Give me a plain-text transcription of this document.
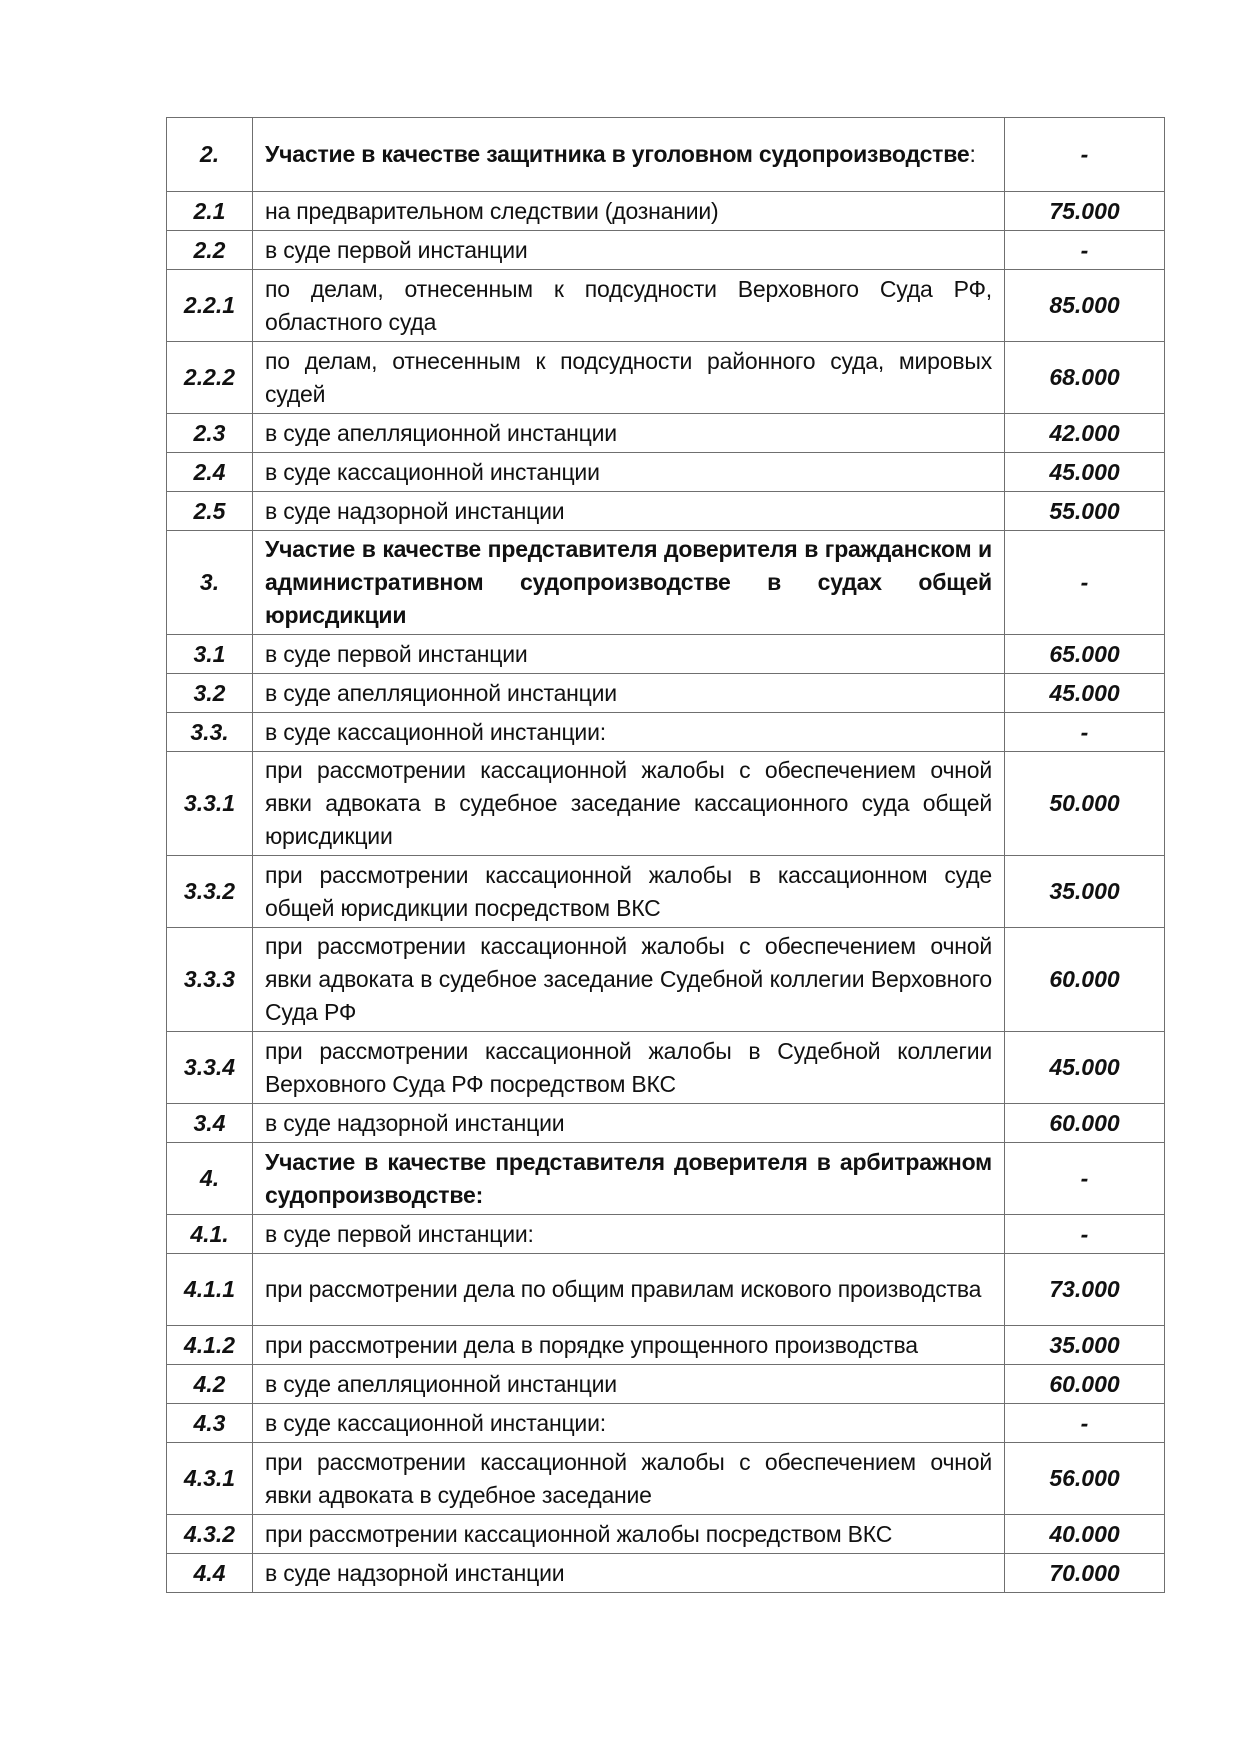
2.	Участие в качестве защитника в уголовном судопроизводстве:	-
2.1	на предварительном следствии (дознании)	75.000
2.2	в суде первой инстанции	-
2.2.1	по делам, отнесенным к подсудности Верховного Суда РФ, областного суда	85.000
2.2.2	по делам, отнесенным к подсудности районного суда, мировых судей	68.000
2.3	в суде апелляционной инстанции	42.000
2.4	в суде кассационной инстанции	45.000
2.5	в суде надзорной инстанции	55.000
3.	Участие в качестве представителя доверителя в гражданском и административном судопроизводстве в судах общей юрисдикции	-
3.1	в суде первой инстанции	65.000
3.2	в суде апелляционной инстанции	45.000
3.3.	в суде кассационной инстанции:	-
3.3.1	при рассмотрении кассационной жалобы с обеспечением очной явки адвоката в судебное заседание кассационного суда общей юрисдикции	50.000
3.3.2	при рассмотрении кассационной жалобы в кассационном суде общей юрисдикции посредством ВКС	35.000
3.3.3	при рассмотрении кассационной жалобы с обеспечением очной явки адвоката в судебное заседание Судебной коллегии Верховного Суда РФ	60.000
3.3.4	при рассмотрении кассационной жалобы в Судебной коллегии Верховного Суда РФ посредством ВКС	45.000
3.4	в суде надзорной инстанции	60.000
4.	Участие в качестве представителя доверителя в арбитражном судопроизводстве:	-
4.1.	в суде первой инстанции:	-
4.1.1	при рассмотрении дела по общим правилам искового производства	73.000
4.1.2	при рассмотрении дела в порядке упрощенного производства	35.000
4.2	в суде апелляционной инстанции	60.000
4.3	в суде кассационной инстанции:	-
4.3.1	при рассмотрении кассационной жалобы с обеспечением очной явки адвоката в судебное заседание	56.000
4.3.2	при рассмотрении кассационной жалобы посредством ВКС	40.000
4.4	в суде надзорной инстанции	70.000
